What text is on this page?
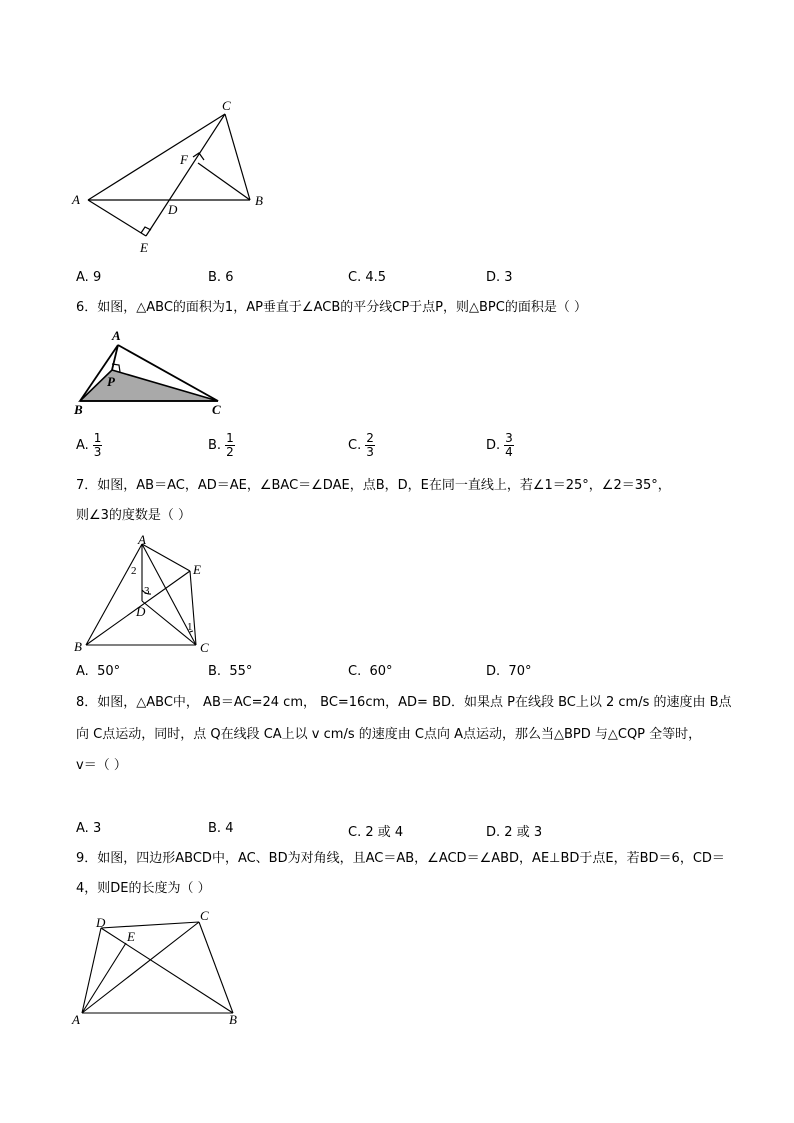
C
F
A	B
D
E
A. 9	B. 6	C. 4.5	D. 3
6．如图，△ABC的面积为1，AP垂直于∠ACB的平分线CP于点P，则△BPC的面积是（ ）
A
P
B	C
A. $\frac{1}{3}$	B. $\frac{1}{2}$	C. $\frac{2}{3}$	D. $\frac{3}{4}$
7．如图，AB＝AC，AD＝AE，∠BAC＝∠DAE，点B，D，E在同一直线上，若∠1＝25°，∠2＝35°，
则∠3的度数是（ ）
A
E
B	C
D
1
2
3
A. 50°	B. 55°	C. 60°	D. 70°
8．如图，△ABC中， AB＝AC=24 cm， BC=16cm，AD= BD．如果点 P在线段 BC上以 2 cm/s 的速度由 B点
向 C点运动，同时，点 Q在线段 CA上以 v cm/s 的速度由 C点向 A点运动，那么当△BPD 与△CQP 全等时，
v＝（ ）
A. 3	B. 4	C. 2 或 4	D. 2 或 3
9．如图，四边形ABCD中，AC、BD为对角线，且AC＝AB，∠ACD＝∠ABD，AE⊥BD于点E，若BD＝6，CD＝
4，则DE的长度为（ ）
D	C
E
A	B
